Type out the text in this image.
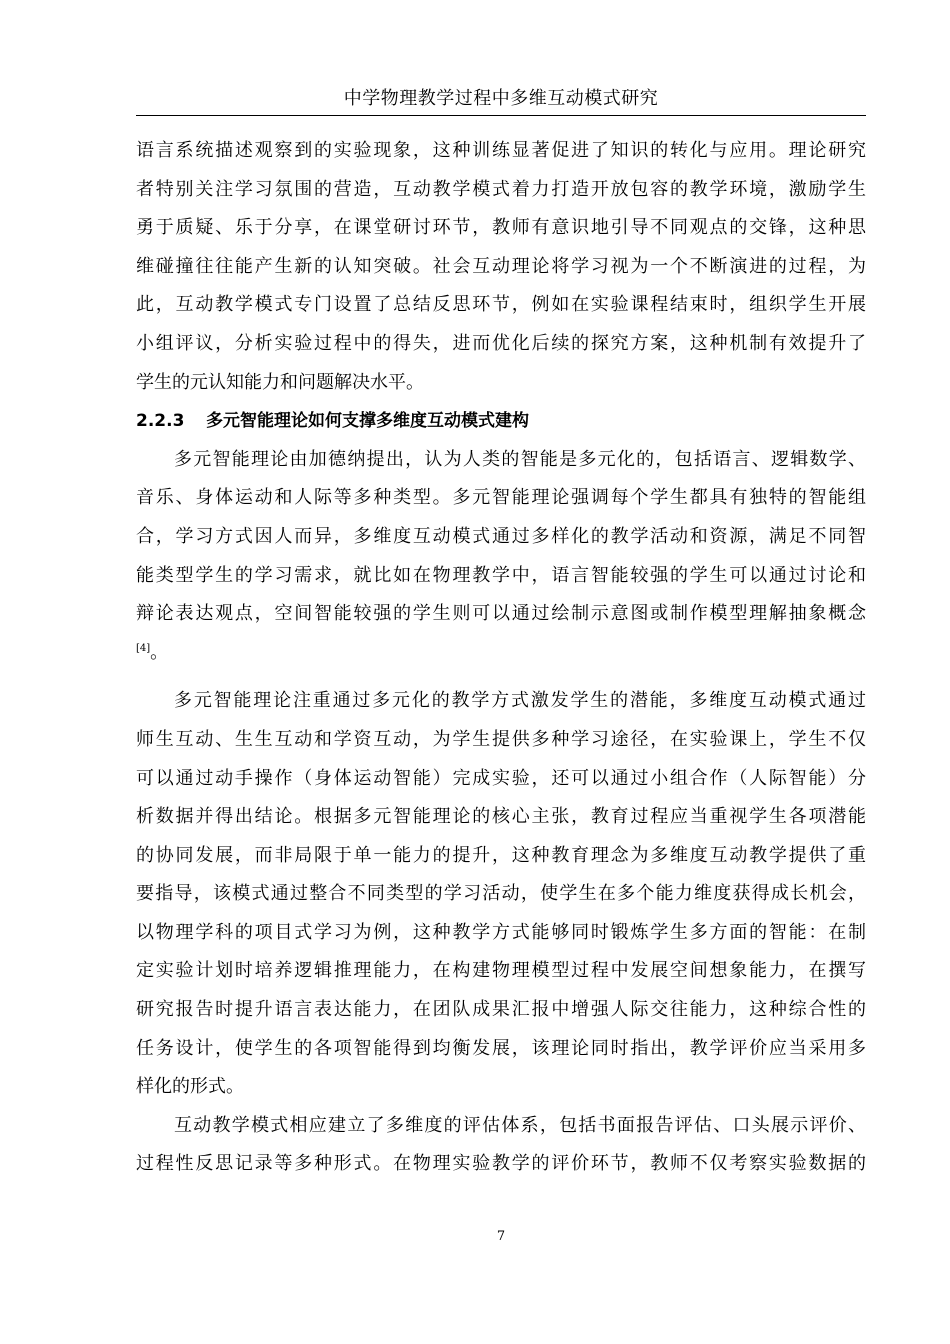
中学物理教学过程中多维互动模式研究
语言系统描述观察到的实验现象，这种训练显著促进了知识的转化与应用。理论研究
者特别关注学习氛围的营造，互动教学模式着力打造开放包容的教学环境，激励学生
勇于质疑、乐于分享，在课堂研讨环节，教师有意识地引导不同观点的交锋，这种思
维碰撞往往能产生新的认知突破。社会互动理论将学习视为一个不断演进的过程，为
此，互动教学模式专门设置了总结反思环节，例如在实验课程结束时，组织学生开展
小组评议，分析实验过程中的得失，进而优化后续的探究方案，这种机制有效提升了
学生的元认知能力和问题解决水平。
2.2.3 多元智能理论如何支撑多维度互动模式建构
多元智能理论由加德纳提出，认为人类的智能是多元化的，包括语言、逻辑数学、
音乐、身体运动和人际等多种类型。多元智能理论强调每个学生都具有独特的智能组
合，学习方式因人而异，多维度互动模式通过多样化的教学活动和资源，满足不同智
能类型学生的学习需求，就比如在物理教学中，语言智能较强的学生可以通过讨论和
辩论表达观点，空间智能较强的学生则可以通过绘制示意图或制作模型理解抽象概念
[4]。
多元智能理论注重通过多元化的教学方式激发学生的潜能，多维度互动模式通过
师生互动、生生互动和学资互动，为学生提供多种学习途径，在实验课上，学生不仅
可以通过动手操作（身体运动智能）完成实验，还可以通过小组合作（人际智能）分
析数据并得出结论。根据多元智能理论的核心主张，教育过程应当重视学生各项潜能
的协同发展，而非局限于单一能力的提升，这种教育理念为多维度互动教学提供了重
要指导，该模式通过整合不同类型的学习活动，使学生在多个能力维度获得成长机会，
以物理学科的项目式学习为例，这种教学方式能够同时锻炼学生多方面的智能：在制
定实验计划时培养逻辑推理能力，在构建物理模型过程中发展空间想象能力，在撰写
研究报告时提升语言表达能力，在团队成果汇报中增强人际交往能力，这种综合性的
任务设计，使学生的各项智能得到均衡发展，该理论同时指出，教学评价应当采用多
样化的形式。
互动教学模式相应建立了多维度的评估体系，包括书面报告评估、口头展示评价、
过程性反思记录等多种形式。在物理实验教学的评价环节，教师不仅考察实验数据的
7
